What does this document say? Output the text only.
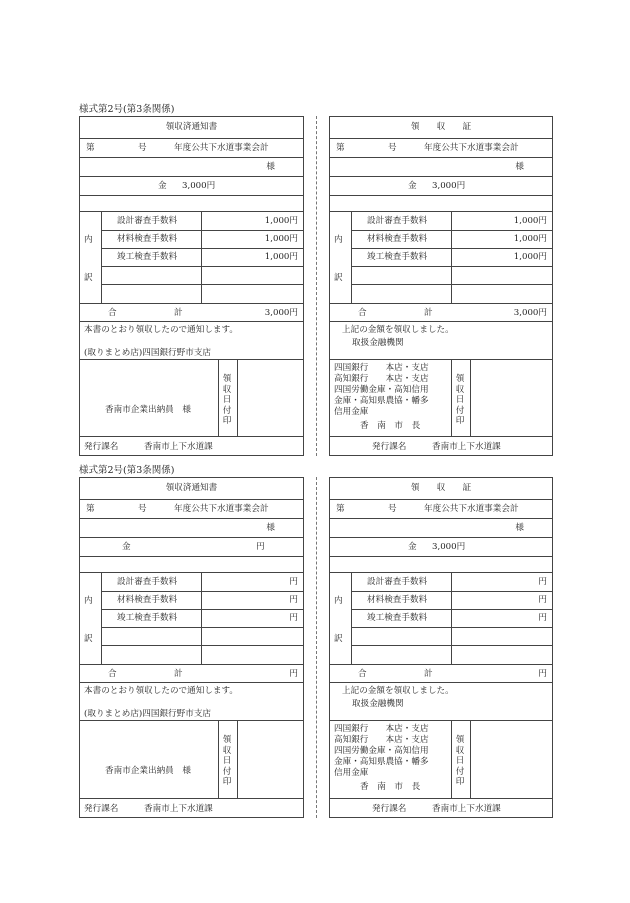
様式第2号(第3条関係)
領収済通知書
第	号	年度公共下水道事業会計
様
金 3,000円
内
訳
設計審査手数料	1,000円
材料検査手数料	1,000円
竣工検査手数料	1,000円
合	計	3,000円
本書のとおり領収したので通知します。
(取りまとめ店)四国銀行野市支店
香南市企業出納員　様
領
収
日
付
印
発行課名	香南市上下水道課
領　　収　　証
第	号	年度公共下水道事業会計
様
金 3,000円
内
訳
設計審査手数料	1,000円
材料検査手数料	1,000円
竣工検査手数料	1,000円
合	計	3,000円
上記の金額を領収しました。
取扱金融機関
四国銀行　　本店・支店
高知銀行　　本店・支店
四国労働金庫・高知信用
金庫・高知県農協・幡多
信用金庫
香　南　市　長
領
収
日
付
印
発行課名	香南市上下水道課
様式第2号(第3条関係)
領収済通知書
第	号	年度公共下水道事業会計
様
金	円
内
訳
設計審査手数料	円
材料検査手数料	円
竣工検査手数料	円
合	計	円
本書のとおり領収したので通知します。
(取りまとめ店)四国銀行野市支店
香南市企業出納員　様
領
収
日
付
印
発行課名	香南市上下水道課
領　　収　　証
第	号	年度公共下水道事業会計
様
金 3,000円
内
訳
設計審査手数料	円
材料検査手数料	円
竣工検査手数料	円
合	計	円
上記の金額を領収しました。
取扱金融機関
四国銀行　　本店・支店
高知銀行　　本店・支店
四国労働金庫・高知信用
金庫・高知県農協・幡多
信用金庫
香　南　市　長
領
収
日
付
印
発行課名	香南市上下水道課
